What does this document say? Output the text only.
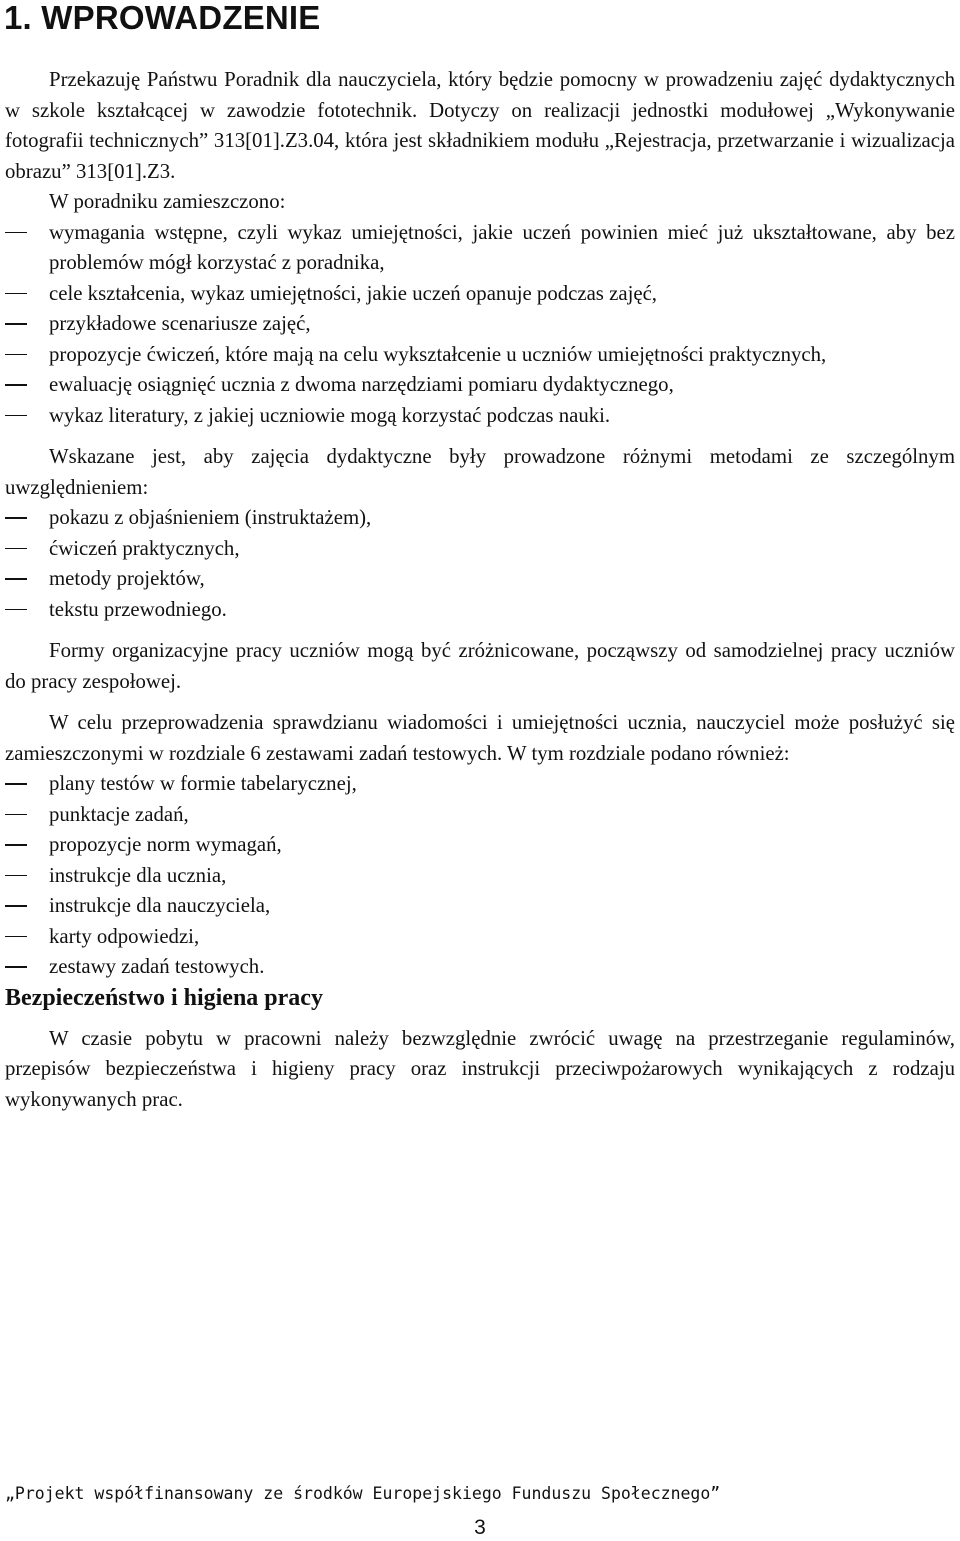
1. WPROWADZENIE

Przekazuję Państwu Poradnik dla nauczyciela, który będzie pomocny w prowadzeniu zajęć dydaktycznych w szkole kształcącej w zawodzie fototechnik. Dotyczy on realizacji jednostki modułowej „Wykonywanie fotografii technicznych” 313[01].Z3.04, która jest składnikiem modułu „Rejestracja, przetwarzanie i wizualizacja obrazu” 313[01].Z3.

W poradniku zamieszczono:

wymagania wstępne, czyli wykaz umiejętności, jakie uczeń powinien mieć już ukształtowane, aby bez problemów mógł korzystać z poradnika,
cele kształcenia, wykaz umiejętności, jakie uczeń opanuje podczas zajęć,
przykładowe scenariusze zajęć,
propozycje ćwiczeń, które mają na celu wykształcenie u uczniów umiejętności praktycznych,
ewaluację osiągnięć ucznia z dwoma narzędziami pomiaru dydaktycznego,
wykaz literatury, z jakiej uczniowie mogą korzystać podczas nauki.

Wskazane jest, aby zajęcia dydaktyczne były prowadzone różnymi metodami ze szczególnym uwzględnieniem:

pokazu z objaśnieniem (instruktażem),
ćwiczeń praktycznych,
metody projektów,
tekstu przewodniego.

Formy organizacyjne pracy uczniów mogą być zróżnicowane, począwszy od samodzielnej pracy uczniów do pracy zespołowej.

W celu przeprowadzenia sprawdzianu wiadomości i umiejętności ucznia, nauczyciel może posłużyć się zamieszczonymi w rozdziale 6 zestawami zadań testowych. W tym rozdziale podano również:

plany testów w formie tabelarycznej,
punktacje zadań,
propozycje norm wymagań,
instrukcje dla ucznia,
instrukcje dla nauczyciela,
karty odpowiedzi,
zestawy zadań testowych.
Bezpieczeństwo i higiena pracy

W czasie pobytu w pracowni należy bezwzględnie zwrócić uwagę na przestrzeganie regulaminów, przepisów bezpieczeństwa i higieny pracy oraz instrukcji przeciwpożarowych wynikających z rodzaju wykonywanych prac.

„Projekt współfinansowany ze środków Europejskiego Funduszu Społecznego”
3
